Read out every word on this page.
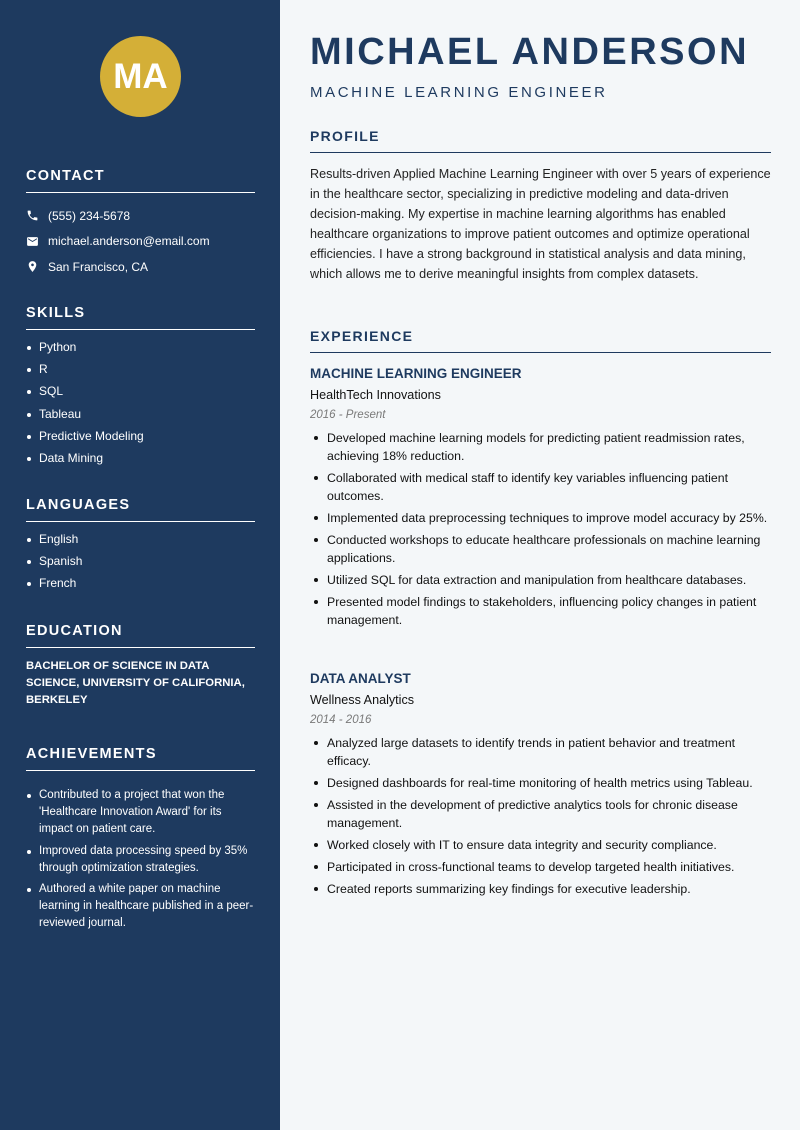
MA
CONTACT
(555) 234-5678
michael.anderson@email.com
San Francisco, CA
SKILLS
Python
R
SQL
Tableau
Predictive Modeling
Data Mining
LANGUAGES
English
Spanish
French
EDUCATION
BACHELOR OF SCIENCE IN DATA SCIENCE, UNIVERSITY OF CALIFORNIA, BERKELEY
ACHIEVEMENTS
Contributed to a project that won the 'Healthcare Innovation Award' for its impact on patient care.
Improved data processing speed by 35% through optimization strategies.
Authored a white paper on machine learning in healthcare published in a peer-reviewed journal.
MICHAEL ANDERSON
MACHINE LEARNING ENGINEER
PROFILE

Results-driven Applied Machine Learning Engineer with over 5 years of experience in the healthcare sector, specializing in predictive modeling and data-driven decision-making. My expertise in machine learning algorithms has enabled healthcare organizations to improve patient outcomes and optimize operational efficiencies. I have a strong background in statistical analysis and data mining, which allows me to derive meaningful insights from complex datasets.

EXPERIENCE
MACHINE LEARNING ENGINEER
HealthTech Innovations
2016 - Present
Developed machine learning models for predicting patient readmission rates, achieving 18% reduction.
Collaborated with medical staff to identify key variables influencing patient outcomes.
Implemented data preprocessing techniques to improve model accuracy by 25%.
Conducted workshops to educate healthcare professionals on machine learning applications.
Utilized SQL for data extraction and manipulation from healthcare databases.
Presented model findings to stakeholders, influencing policy changes in patient management.
DATA ANALYST
Wellness Analytics
2014 - 2016
Analyzed large datasets to identify trends in patient behavior and treatment efficacy.
Designed dashboards for real-time monitoring of health metrics using Tableau.
Assisted in the development of predictive analytics tools for chronic disease management.
Worked closely with IT to ensure data integrity and security compliance.
Participated in cross-functional teams to develop targeted health initiatives.
Created reports summarizing key findings for executive leadership.
